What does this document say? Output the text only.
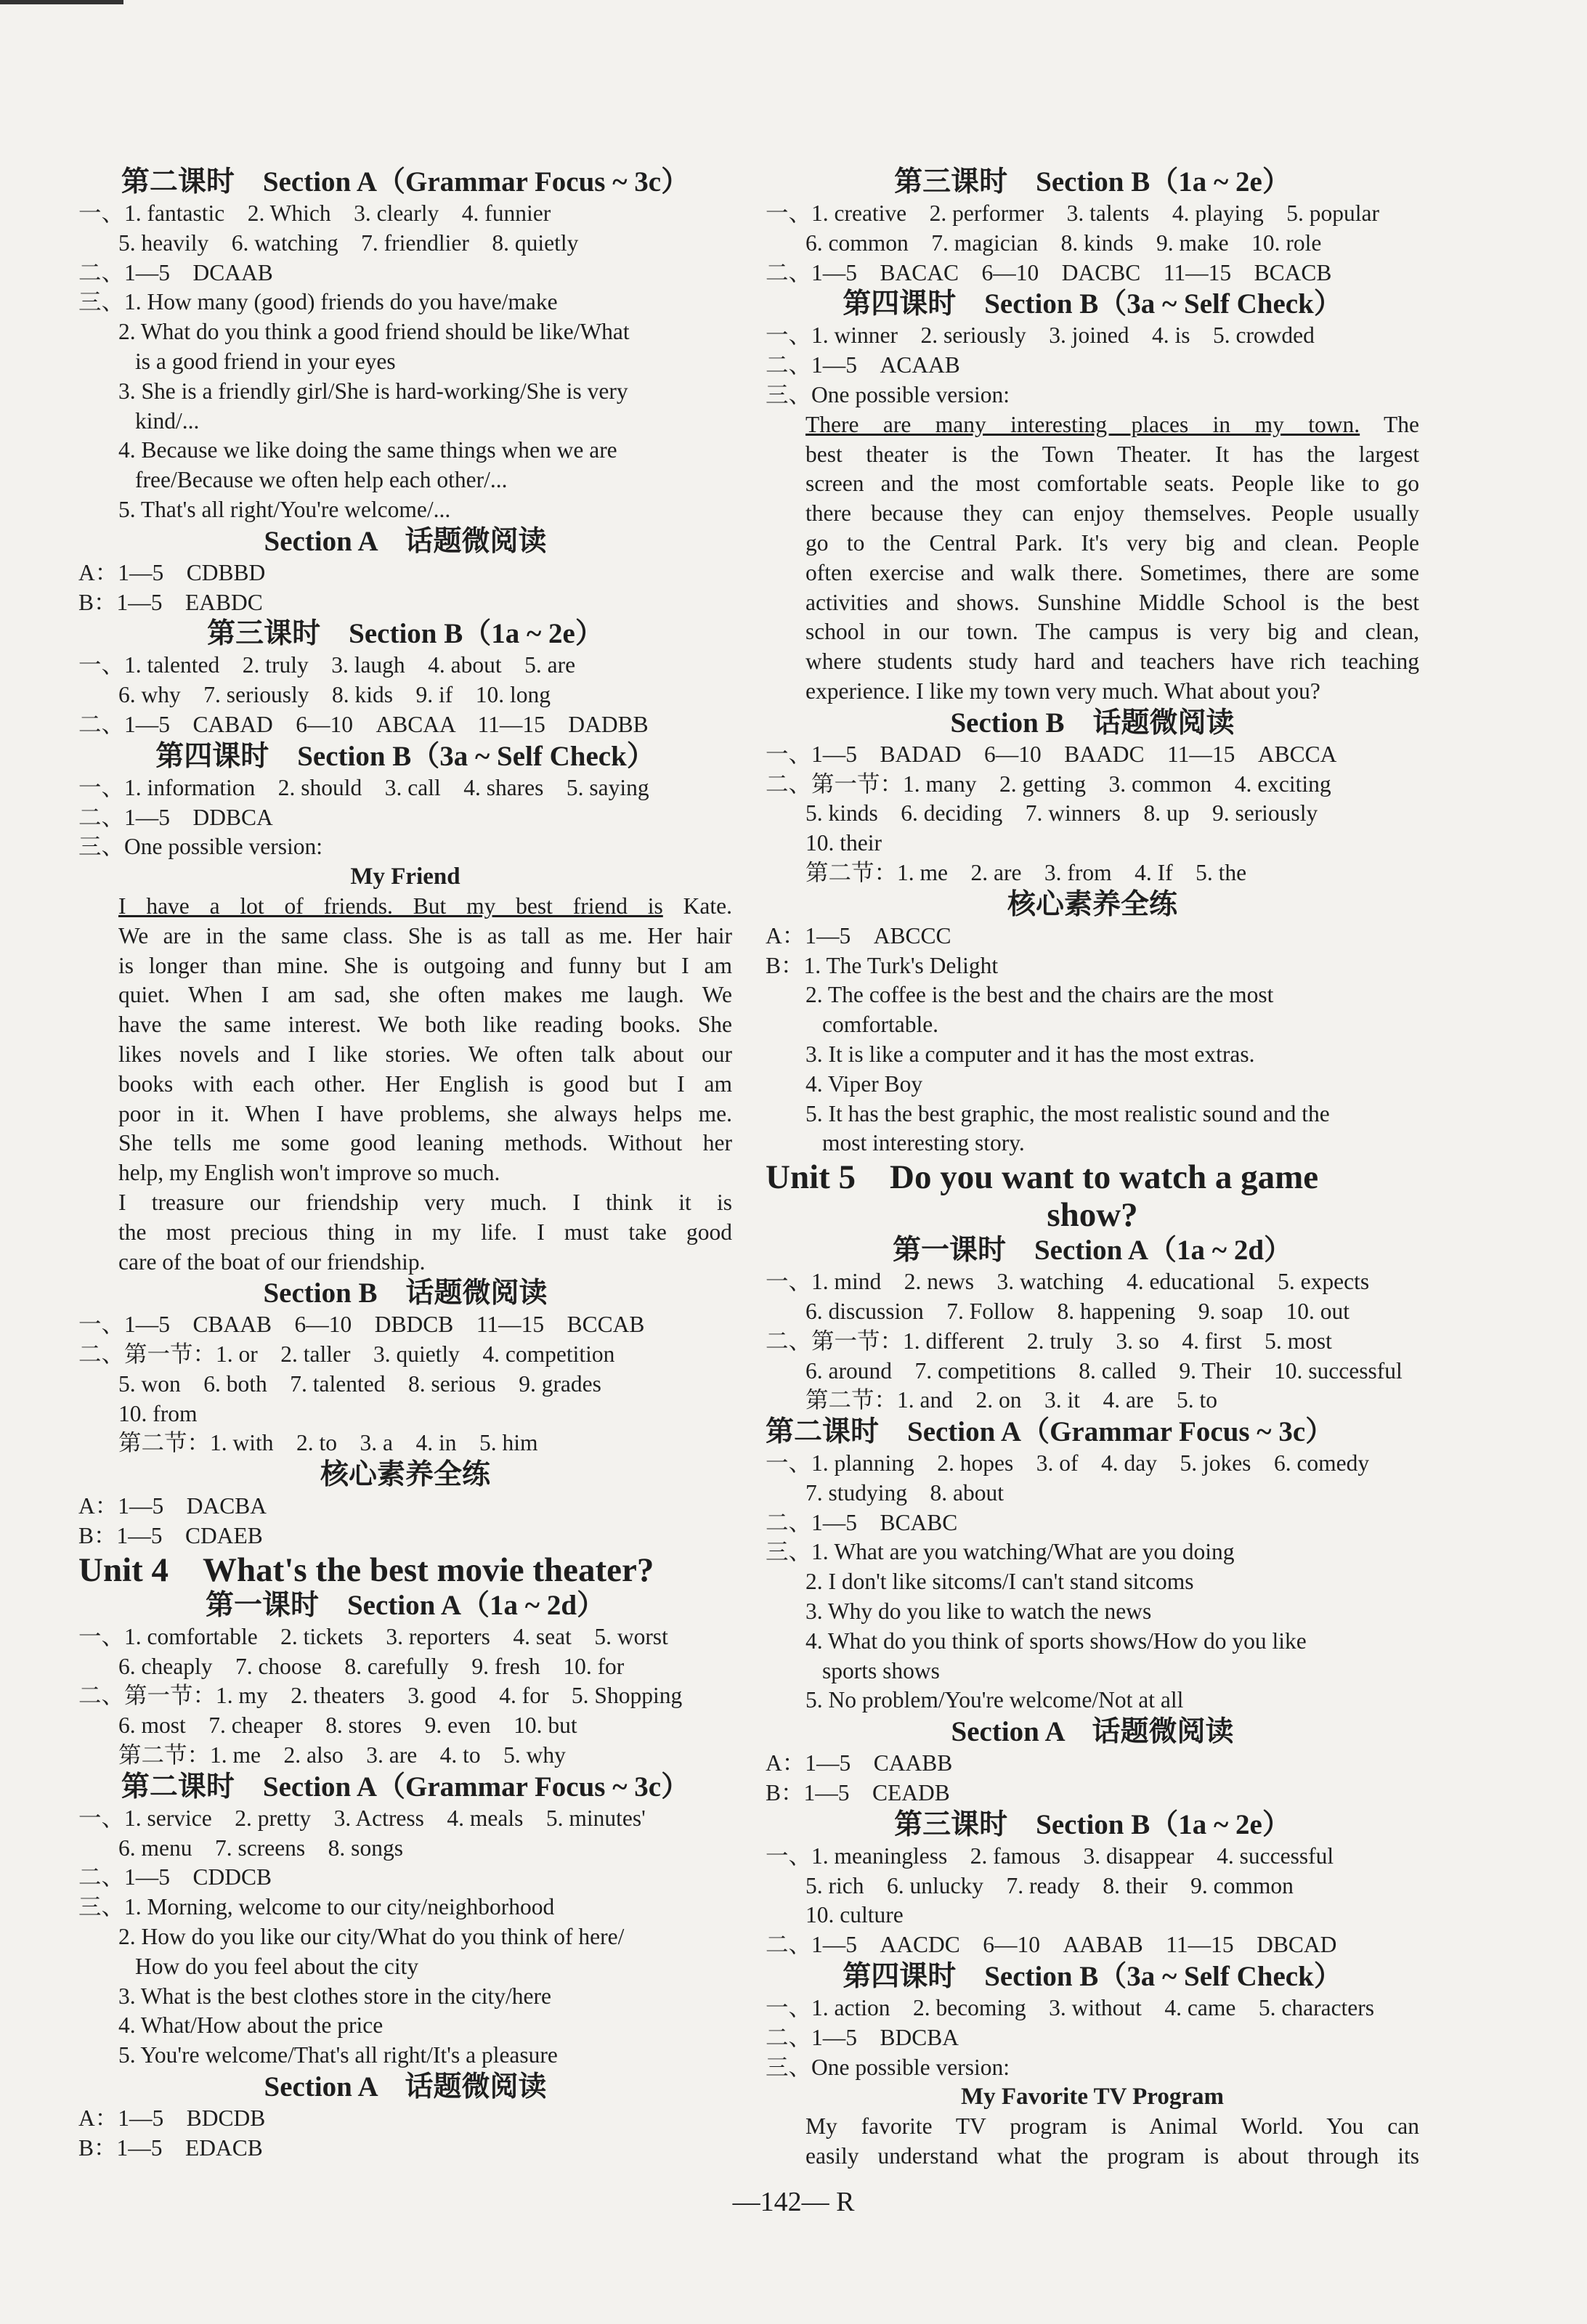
第二课时　Section A（Grammar Focus ~ 3c）
一、1. fantastic　2. Which　3. clearly　4. funnier
5. heavily　6. watching　7. friendlier　8. quietly
二、1—5　DCAAB
三、1. How many (good) friends do you have/make
2. What do you think a good friend should be like/What
is a good friend in your eyes
3. She is a friendly girl/She is hard-working/She is very
kind/...
4. Because we like doing the same things when we are
free/Because we often help each other/...
5. That's all right/You're welcome/...
Section A　话题微阅读
A：1—5　CDBBD
B：1—5　EABDC
第三课时　Section B（1a ~ 2e）
一、1. talented　2. truly　3. laugh　4. about　5. are
6. why　7. seriously　8. kids　9. if　10. long
二、1—5　CABAD　6—10　ABCAA　11—15　DADBB
第四课时　Section B（3a ~ Self Check）
一、1. information　2. should　3. call　4. shares　5. saying
二、1—5　DDBCA
三、One possible version:
My Friend
I have a lot of friends. But my best friend is Kate.
We are in the same class. She is as tall as me. Her hair
is longer than mine. She is outgoing and funny but I am
quiet. When I am sad, she often makes me laugh. We
have the same interest. We both like reading books. She
likes novels and I like stories. We often talk about our
books with each other. Her English is good but I am
poor in it. When I have problems, she always helps me.
She tells me some good leaning methods. Without her
help, my English won't improve so much.
I treasure our friendship very much. I think it is
the most precious thing in my life. I must take good
care of the boat of our friendship.
Section B　话题微阅读
一、1—5　CBAAB　6—10　DBDCB　11—15　BCCAB
二、第一节：1. or　2. taller　3. quietly　4. competition
5. won　6. both　7. talented　8. serious　9. grades
10. from
第二节：1. with　2. to　3. a　4. in　5. him
核心素养全练
A：1—5　DACBA
B：1—5　CDAEB
Unit 4　What's the best movie theater?
第一课时　Section A（1a ~ 2d）
一、1. comfortable　2. tickets　3. reporters　4. seat　5. worst
6. cheaply　7. choose　8. carefully　9. fresh　10. for
二、第一节：1. my　2. theaters　3. good　4. for　5. Shopping
6. most　7. cheaper　8. stores　9. even　10. but
第二节：1. me　2. also　3. are　4. to　5. why
第二课时　Section A（Grammar Focus ~ 3c）
一、1. service　2. pretty　3. Actress　4. meals　5. minutes'
6. menu　7. screens　8. songs
二、1—5　CDDCB
三、1. Morning, welcome to our city/neighborhood
2. How do you like our city/What do you think of here/
How do you feel about the city
3. What is the best clothes store in the city/here
4. What/How about the price
5. You're welcome/That's all right/It's a pleasure
Section A　话题微阅读
A：1—5　BDCDB
B：1—5　EDACB
第三课时　Section B（1a ~ 2e）
一、1. creative　2. performer　3. talents　4. playing　5. popular
6. common　7. magician　8. kinds　9. make　10. role
二、1—5　BACAC　6—10　DACBC　11—15　BCACB
第四课时　Section B（3a ~ Self Check）
一、1. winner　2. seriously　3. joined　4. is　5. crowded
二、1—5　ACAAB
三、One possible version:
There are many interesting places in my town. The
best theater is the Town Theater. It has the largest
screen and the most comfortable seats. People like to go
there because they can enjoy themselves. People usually
go to the Central Park. It's very big and clean. People
often exercise and walk there. Sometimes, there are some
activities and shows. Sunshine Middle School is the best
school in our town. The campus is very big and clean,
where students study hard and teachers have rich teaching
experience. I like my town very much. What about you?
Section B　话题微阅读
一、1—5　BADAD　6—10　BAADC　11—15　ABCCA
二、第一节：1. many　2. getting　3. common　4. exciting
5. kinds　6. deciding　7. winners　8. up　9. seriously
10. their
第二节：1. me　2. are　3. from　4. If　5. the
核心素养全练
A：1—5　ABCCC
B：1. The Turk's Delight
2. The coffee is the best and the chairs are the most
comfortable.
3. It is like a computer and it has the most extras.
4. Viper Boy
5. It has the best graphic, the most realistic sound and the
most interesting story.
Unit 5　Do you want to watch a game
show?
第一课时　Section A（1a ~ 2d）
一、1. mind　2. news　3. watching　4. educational　5. expects
6. discussion　7. Follow　8. happening　9. soap　10. out
二、第一节：1. different　2. truly　3. so　4. first　5. most
6. around　7. competitions　8. called　9. Their　10. successful
第二节：1. and　2. on　3. it　4. are　5. to
第二课时　Section A（Grammar Focus ~ 3c）
一、1. planning　2. hopes　3. of　4. day　5. jokes　6. comedy
7. studying　8. about
二、1—5　BCABC
三、1. What are you watching/What are you doing
2. I don't like sitcoms/I can't stand sitcoms
3. Why do you like to watch the news
4. What do you think of sports shows/How do you like
sports shows
5. No problem/You're welcome/Not at all
Section A　话题微阅读
A：1—5　CAABB
B：1—5　CEADB
第三课时　Section B（1a ~ 2e）
一、1. meaningless　2. famous　3. disappear　4. successful
5. rich　6. unlucky　7. ready　8. their　9. common
10. culture
二、1—5　AACDC　6—10　AABAB　11—15　DBCAD
第四课时　Section B（3a ~ Self Check）
一、1. action　2. becoming　3. without　4. came　5. characters
二、1—5　BDCBA
三、One possible version:
My Favorite TV Program
My favorite TV program is Animal World. You can
easily understand what the program is about through its
—142— R
